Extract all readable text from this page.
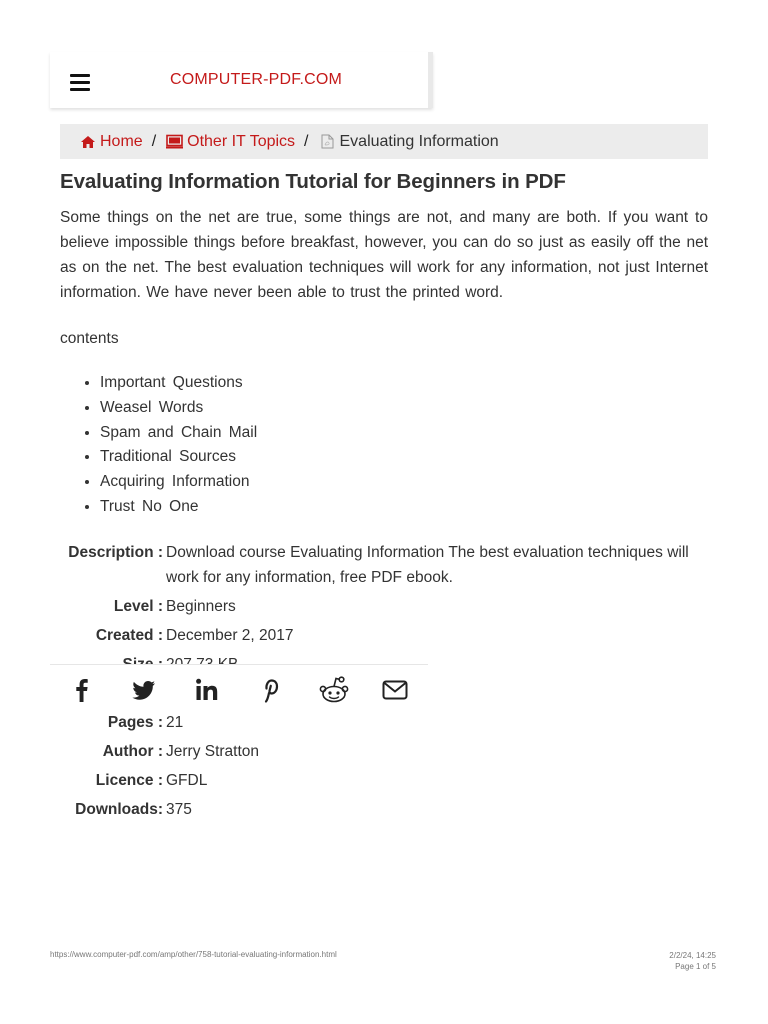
COMPUTER-PDF.COM
Home / Other IT Topics / Evaluating Information
Evaluating Information Tutorial for Beginners in PDF

Some things on the net are true, some things are not, and many are both. If you want to believe impossible things before breakfast, however, you can do so just as easily off the net as on the net. The best evaluation techniques will work for any information, not just Internet information. We have never been able to trust the printed word.

contents
• Important Questions
• Weasel Words
• Spam and Chain Mail
• Traditional Sources
• Acquiring Information
• Trust No One
Description : Download course Evaluating Information The best evaluation techniques will work for any information, free PDF ebook.
Level : Beginners
Created : December 2, 2017
Pages : 21
Author : Jerry Stratton
Licence : GFDL
Downloads: 375
https://www.computer-pdf.com/amp/other/758-tutorial-evaluating-information.html	2/2/24, 14:25
Page 1 of 5
